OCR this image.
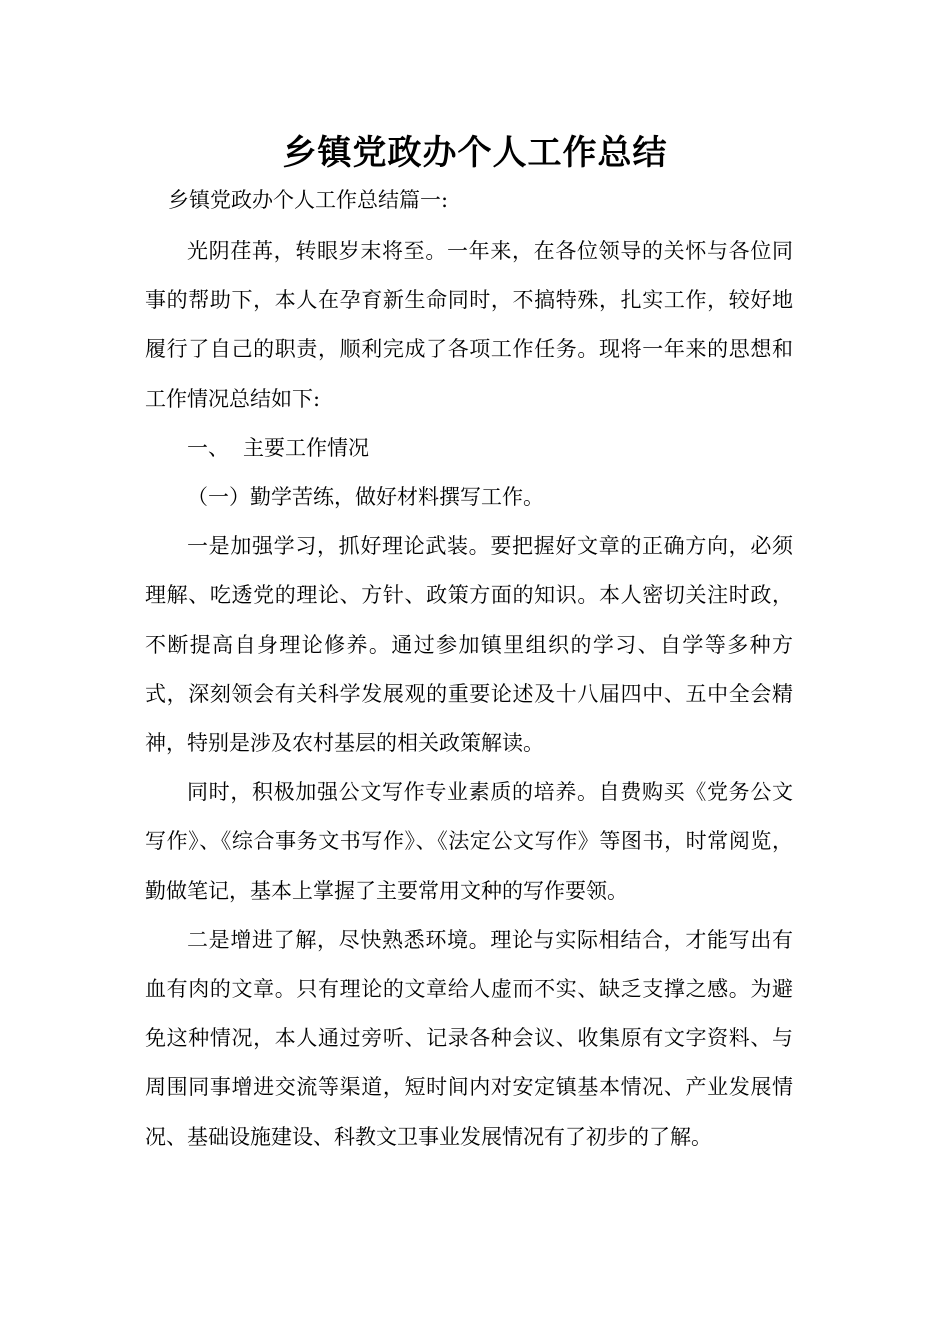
乡镇党政办个人工作总结

乡镇党政办个人工作总结篇一:

光阴荏苒，转眼岁末将至。一年来，在各位领导的关怀与各位同事的帮助下，本人在孕育新生命同时，不搞特殊，扎实工作，较好地履行了自己的职责，顺利完成了各项工作任务。现将一年来的思想和工作情况总结如下:

一、 主要工作情况

（一）勤学苦练，做好材料撰写工作。

一是加强学习，抓好理论武装。要把握好文章的正确方向，必须理解、吃透党的理论、方针、政策方面的知识。本人密切关注时政，不断提高自身理论修养。通过参加镇里组织的学习、自学等多种方式，深刻领会有关科学发展观的重要论述及十八届四中、五中全会精神，特别是涉及农村基层的相关政策解读。

同时，积极加强公文写作专业素质的培养。自费购买《党务公文写作》、《综合事务文书写作》、《法定公文写作》等图书，时常阅览，勤做笔记，基本上掌握了主要常用文种的写作要领。

二是增进了解，尽快熟悉环境。理论与实际相结合，才能写出有血有肉的文章。只有理论的文章给人虚而不实、缺乏支撑之感。为避免这种情况，本人通过旁听、记录各种会议、收集原有文字资料、与周围同事增进交流等渠道，短时间内对安定镇基本情况、产业发展情况、基础设施建设、科教文卫事业发展情况有了初步的了解。
